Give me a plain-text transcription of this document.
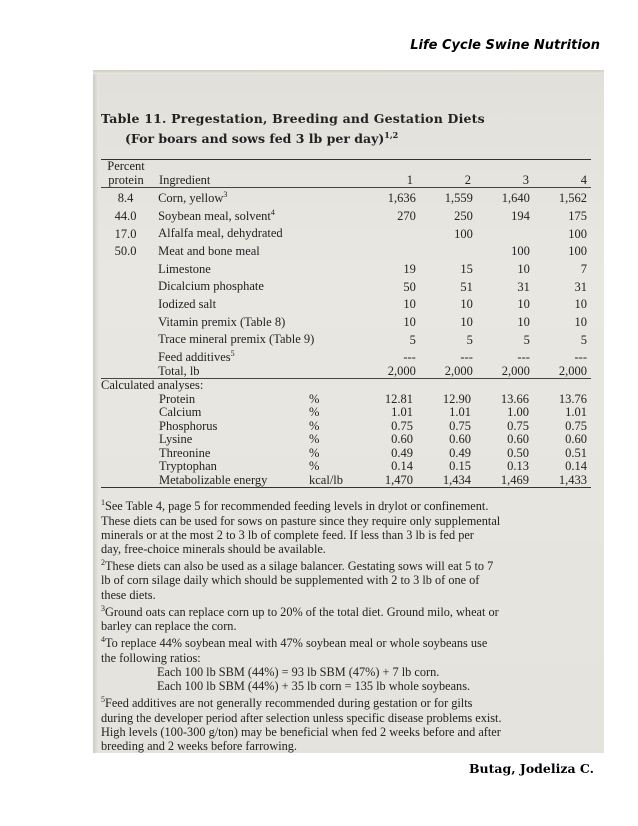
Life Cycle Swine Nutrition
Table 11. Pregestation, Breeding and Gestation Diets
(For boars and sows fed 3 lb per day)$^{1,2}$
Percent						
protein	Ingredient		1	2	3	4
8.4	Corn, yellow$^3$		1,636	1,559	1,640	1,562
44.0	Soybean meal, solvent$^4$		270	250	194	175
17.0	Alfalfa meal, dehydrated			100		100
50.0	Meat and bone meal				100	100
	Limestone		19	15	10	7
	Dicalcium phosphate		50	51	31	31
	Iodized salt		10	10	10	10
	Vitamin premix (Table 8)		10	10	10	10
	Trace mineral premix (Table 9)		5	5	5	5
	Feed additives$^5$		---	---	---	---
	Total, lb		2,000	2,000	2,000	2,000
Calculated analyses:						
	Protein	%	12.81	12.90	13.66	13.76
	Calcium	%	1.01	1.01	1.00	1.01
	Phosphorus	%	0.75	0.75	0.75	0.75
	Lysine	%	0.60	0.60	0.60	0.60
	Threonine	%	0.49	0.49	0.50	0.51
	Tryptophan	%	0.14	0.15	0.13	0.14
	Metabolizable energy	kcal/lb	1,470	1,434	1,469	1,433

$^1$See Table 4, page 5 for recommended feeding levels in drylot or confinement.

These diets can be used for sows on pasture since they require only supplemental

minerals or at the most 2 to 3 lb of complete feed. If less than 3 lb is fed per

day, free-choice minerals should be available.

$^2$These diets can also be used as a silage balancer. Gestating sows will eat 5 to 7

lb of corn silage daily which should be supplemented with 2 to 3 lb of one of

these diets.

$^3$Ground oats can replace corn up to 20% of the total diet. Ground milo, wheat or

barley can replace the corn.

$^4$To replace 44% soybean meal with 47% soybean meal or whole soybeans use

the following ratios:

Each 100 lb SBM (44%) = 93 lb SBM (47%) + 7 lb corn.

Each 100 lb SBM (44%) + 35 lb corn = 135 lb whole soybeans.

$^5$Feed additives are not generally recommended during gestation or for gilts

during the developer period after selection unless specific disease problems exist.

High levels (100-300 g/ton) may be beneficial when fed 2 weeks before and after

breeding and 2 weeks before farrowing.

Butag, Jodeliza C.
